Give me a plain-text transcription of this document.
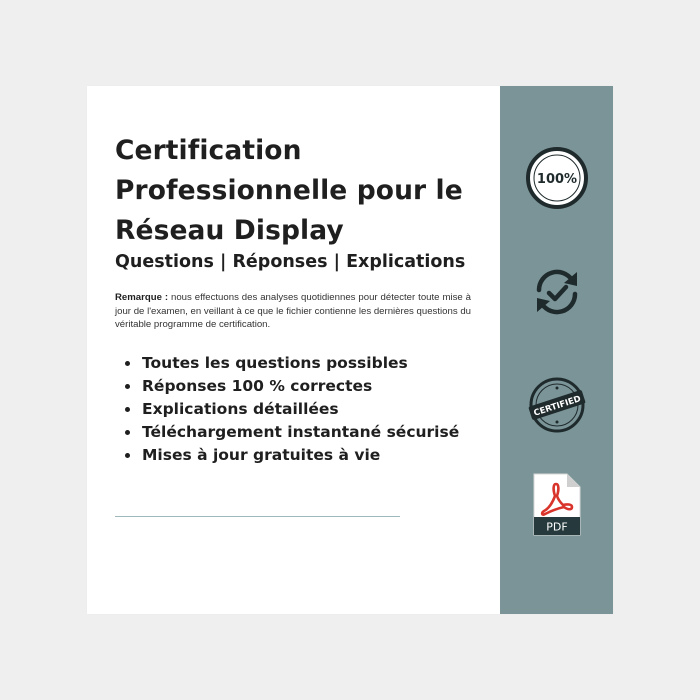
Certification Professionnelle pour le Réseau Display
Questions | Réponses | Explications

Remarque : nous effectuons des analyses quotidiennes pour détecter toute mise à jour de l'examen, en veillant à ce que le fichier contienne les dernières questions du véritable programme de certification.

Toutes les questions possibles
Réponses 100 % correctes
Explications détaillées
Téléchargement instantané sécurisé
Mises à jour gratuites à vie
100%
CERTIFIED
PDF
